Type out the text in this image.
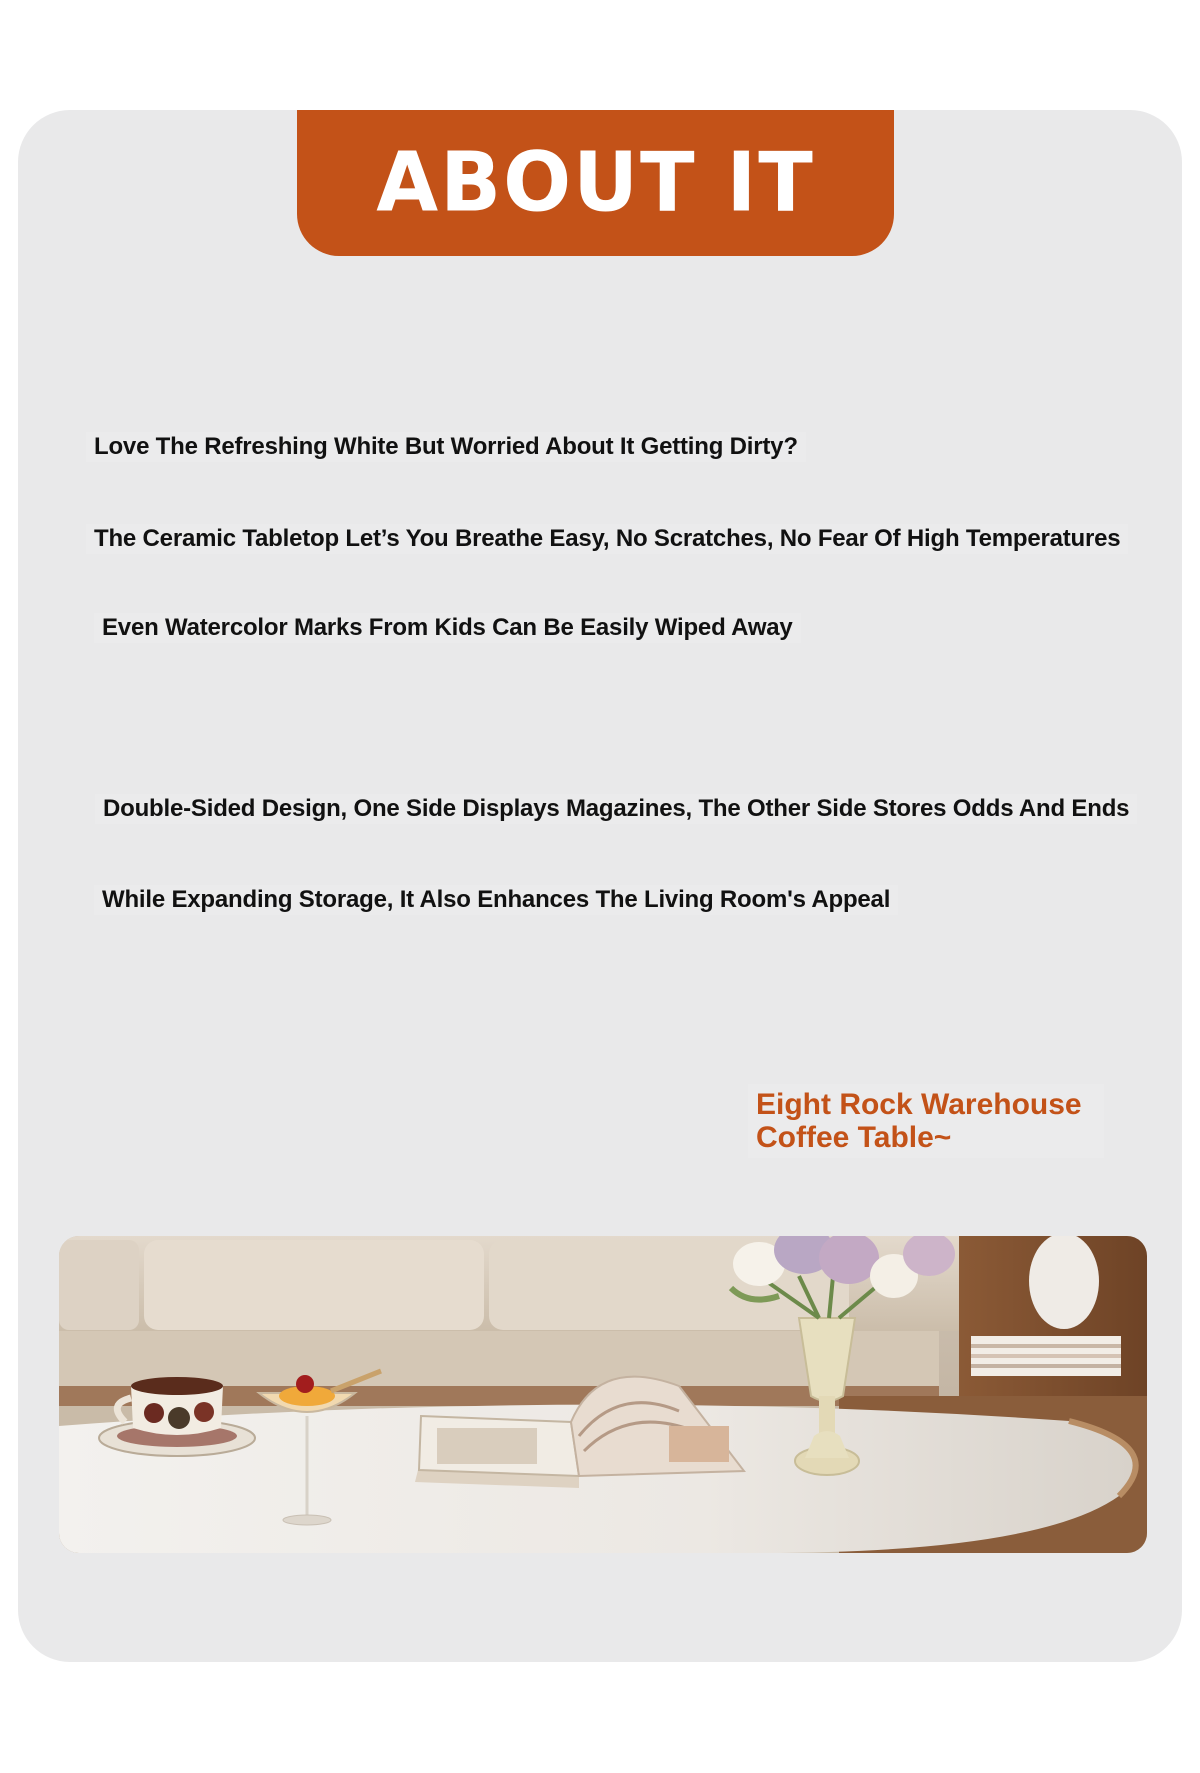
ABOUT IT
Love The Refreshing White But Worried About It Getting Dirty?
The Ceramic Tabletop Let’s You Breathe Easy, No Scratches, No Fear Of High Temperatures
Even Watercolor Marks From Kids Can Be Easily Wiped Away
Double-Sided Design, One Side Displays Magazines, The Other Side Stores Odds And Ends
While Expanding Storage, It Also Enhances The Living Room's Appeal
Eight Rock Warehouse
Coffee Table~
